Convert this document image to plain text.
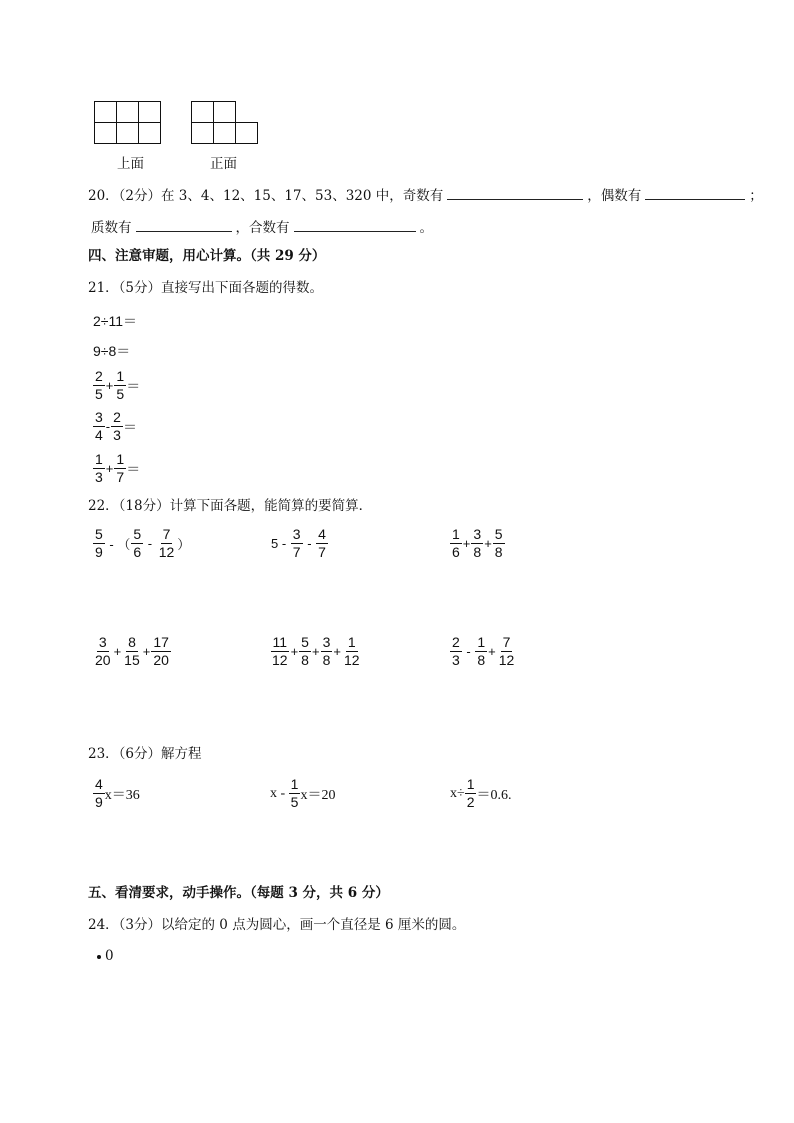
上面	正面
20．（2分）在 3、4、12、15、17、53、320 中，奇数有	，偶数有	；
质数有	，合数有	。
四、注意审题，用心计算。（共 29 分）
21．（5分）直接写出下面各题的得数。
2÷11＝
9÷8＝
$\frac{2}{5} + \frac{1}{5}$ ＝
$\frac{3}{4} - \frac{2}{3}$ ＝
$\frac{1}{3} + \frac{1}{7}$ ＝
22．（18分）计算下面各题，能简算的要简算．
$\frac{5}{9}$ - （ $\frac{5}{6} - \frac{7}{12}$ ）	$5 - \frac{3}{7} - \frac{4}{7}$	$\frac{1}{6} + \frac{3}{8} + \frac{5}{8}$
$\frac{3}{20} + \frac{8}{15} + \frac{17}{20}$	$\frac{11}{12} + \frac{5}{8} + \frac{3}{8} + \frac{1}{12}$	$\frac{2}{3} - \frac{1}{8} + \frac{7}{12}$
23．（6分）解方程
$\frac{4}{9} x=36$	$x - \frac{1}{5} x=20$	$x\div \frac{1}{2} =0.6$.
五、看清要求，动手操作。（每题 3 分，共 6 分）
24．（3分）以给定的 0 点为圆心，画一个直径是 6 厘米的圆。
0
